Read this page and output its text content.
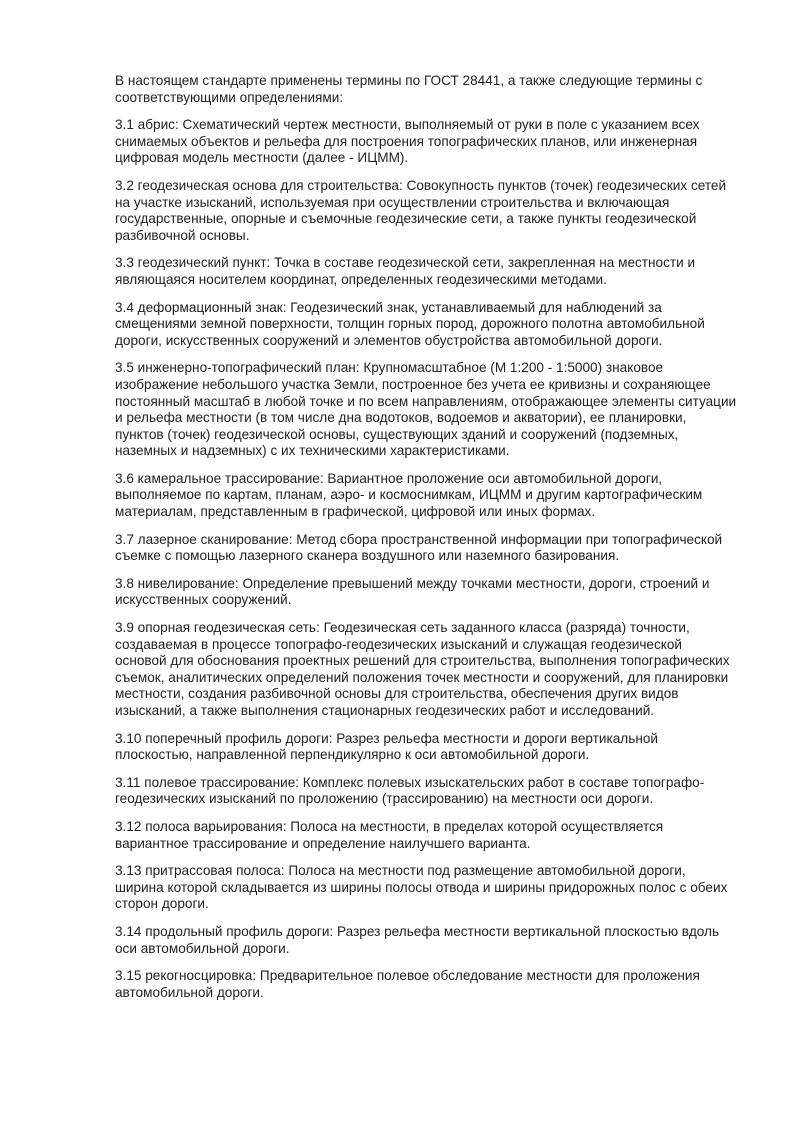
В настоящем стандарте применены термины по ГОСТ 28441, а также следующие термины с соответствующими определениями:

3.1 абрис: Схематический чертеж местности, выполняемый от руки в поле с указанием всех снимаемых объектов и рельефа для построения топографических планов, или инженерная цифровая модель местности (далее - ИЦММ).

3.2 геодезическая основа для строительства: Совокупность пунктов (точек) геодезических сетей на участке изысканий, используемая при осуществлении строительства и включающая государственные, опорные и съемочные геодезические сети, а также пункты геодезической разбивочной основы.

3.3 геодезический пункт: Точка в составе геодезической сети, закрепленная на местности и являющаяся носителем координат, определенных геодезическими методами.

3.4 деформационный знак: Геодезический знак, устанавливаемый для наблюдений за смещениями земной поверхности, толщин горных пород, дорожного полотна автомобильной дороги, искусственных сооружений и элементов обустройства автомобильной дороги.

3.5 инженерно-топографический план: Крупномасштабное (М 1:200 - 1:5000) знаковое изображение небольшого участка Земли, построенное без учета ее кривизны и сохраняющее постоянный масштаб в любой точке и по всем направлениям, отображающее элементы ситуации и рельефа местности (в том числе дна водотоков, водоемов и акватории), ее планировки, пунктов (точек) геодезической основы, существующих зданий и сооружений (подземных, наземных и надземных) с их техническими характеристиками.

3.6 камеральное трассирование: Вариантное проложение оси автомобильной дороги, выполняемое по картам, планам, аэро- и космоснимкам, ИЦММ и другим картографическим материалам, представленным в графической, цифровой или иных формах.

3.7 лазерное сканирование: Метод сбора пространственной информации при топографической съемке с помощью лазерного сканера воздушного или наземного базирования.

3.8 нивелирование: Определение превышений между точками местности, дороги, строений и искусственных сооружений.

3.9 опорная геодезическая сеть: Геодезическая сеть заданного класса (разряда) точности, создаваемая в процессе топографо-геодезических изысканий и служащая геодезической основой для обоснования проектных решений для строительства, выполнения топографических съемок, аналитических определений положения точек местности и сооружений, для планировки местности, создания разбивочной основы для строительства, обеспечения других видов изысканий, а также выполнения стационарных геодезических работ и исследований.

3.10 поперечный профиль дороги: Разрез рельефа местности и дороги вертикальной плоскостью, направленной перпендикулярно к оси автомобильной дороги.

3.11 полевое трассирование: Комплекс полевых изыскательских работ в составе топографо-геодезических изысканий по проложению (трассированию) на местности оси дороги.

3.12 полоса варьирования: Полоса на местности, в пределах которой осуществляется вариантное трассирование и определение наилучшего варианта.

3.13 притрассовая полоса: Полоса на местности под размещение автомобильной дороги, ширина которой складывается из ширины полосы отвода и ширины придорожных полос с обеих сторон дороги.

3.14 продольный профиль дороги: Разрез рельефа местности вертикальной плоскостью вдоль оси автомобильной дороги.

3.15 рекогносцировка: Предварительное полевое обследование местности для проложения автомобильной дороги.
